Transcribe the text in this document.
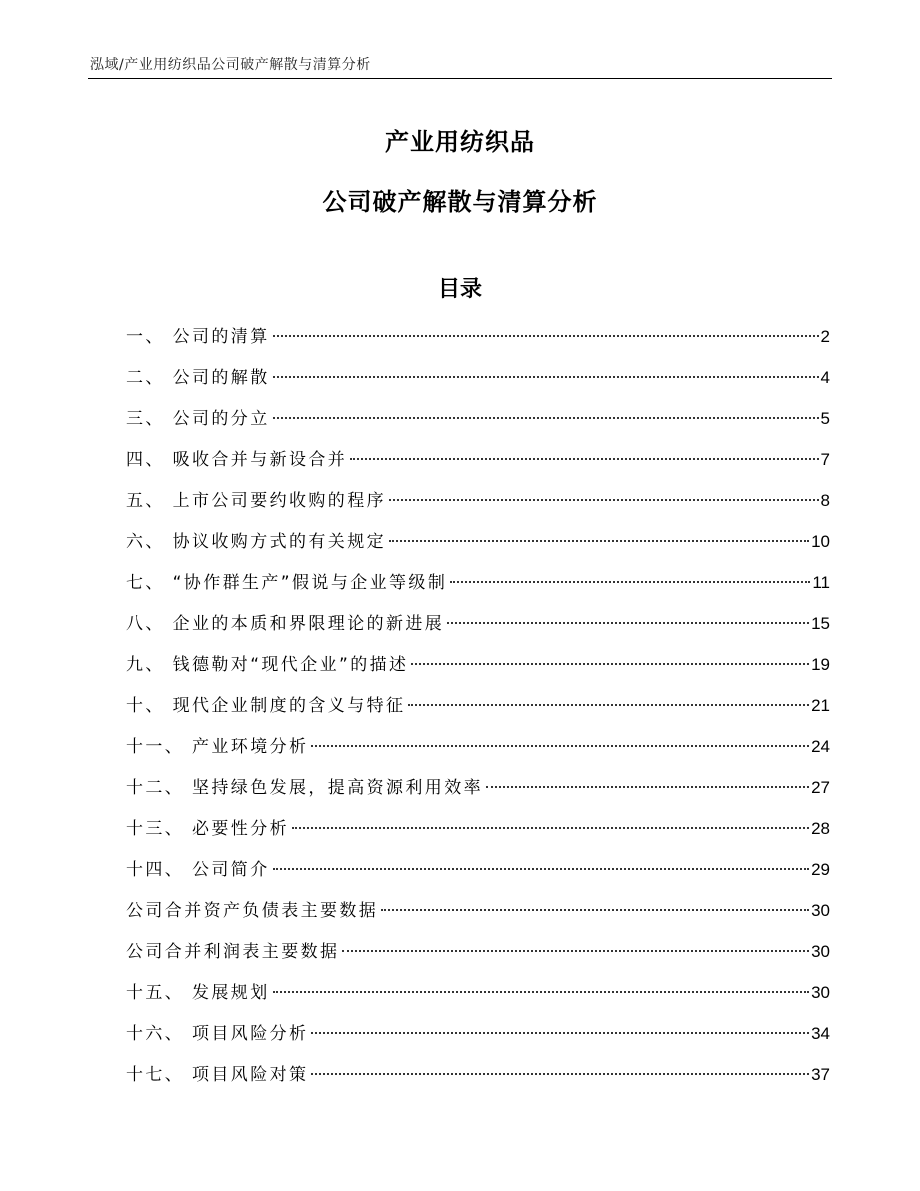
泓域/产业用纺织品公司破产解散与清算分析
产业用纺织品
公司破产解散与清算分析
目录
一、 公司的清算	2
二、 公司的解散	4
三、 公司的分立	5
四、 吸收合并与新设合并	7
五、 上市公司要约收购的程序	8
六、 协议收购方式的有关规定	10
七、 “协作群生产”假说与企业等级制	11
八、 企业的本质和界限理论的新进展	15
九、 钱德勒对“现代企业”的描述	19
十、 现代企业制度的含义与特征	21
十一、 产业环境分析	24
十二、 坚持绿色发展，提高资源利用效率	27
十三、 必要性分析	28
十四、 公司简介	29
公司合并资产负债表主要数据	30
公司合并利润表主要数据	30
十五、 发展规划	30
十六、 项目风险分析	34
十七、 项目风险对策	37
